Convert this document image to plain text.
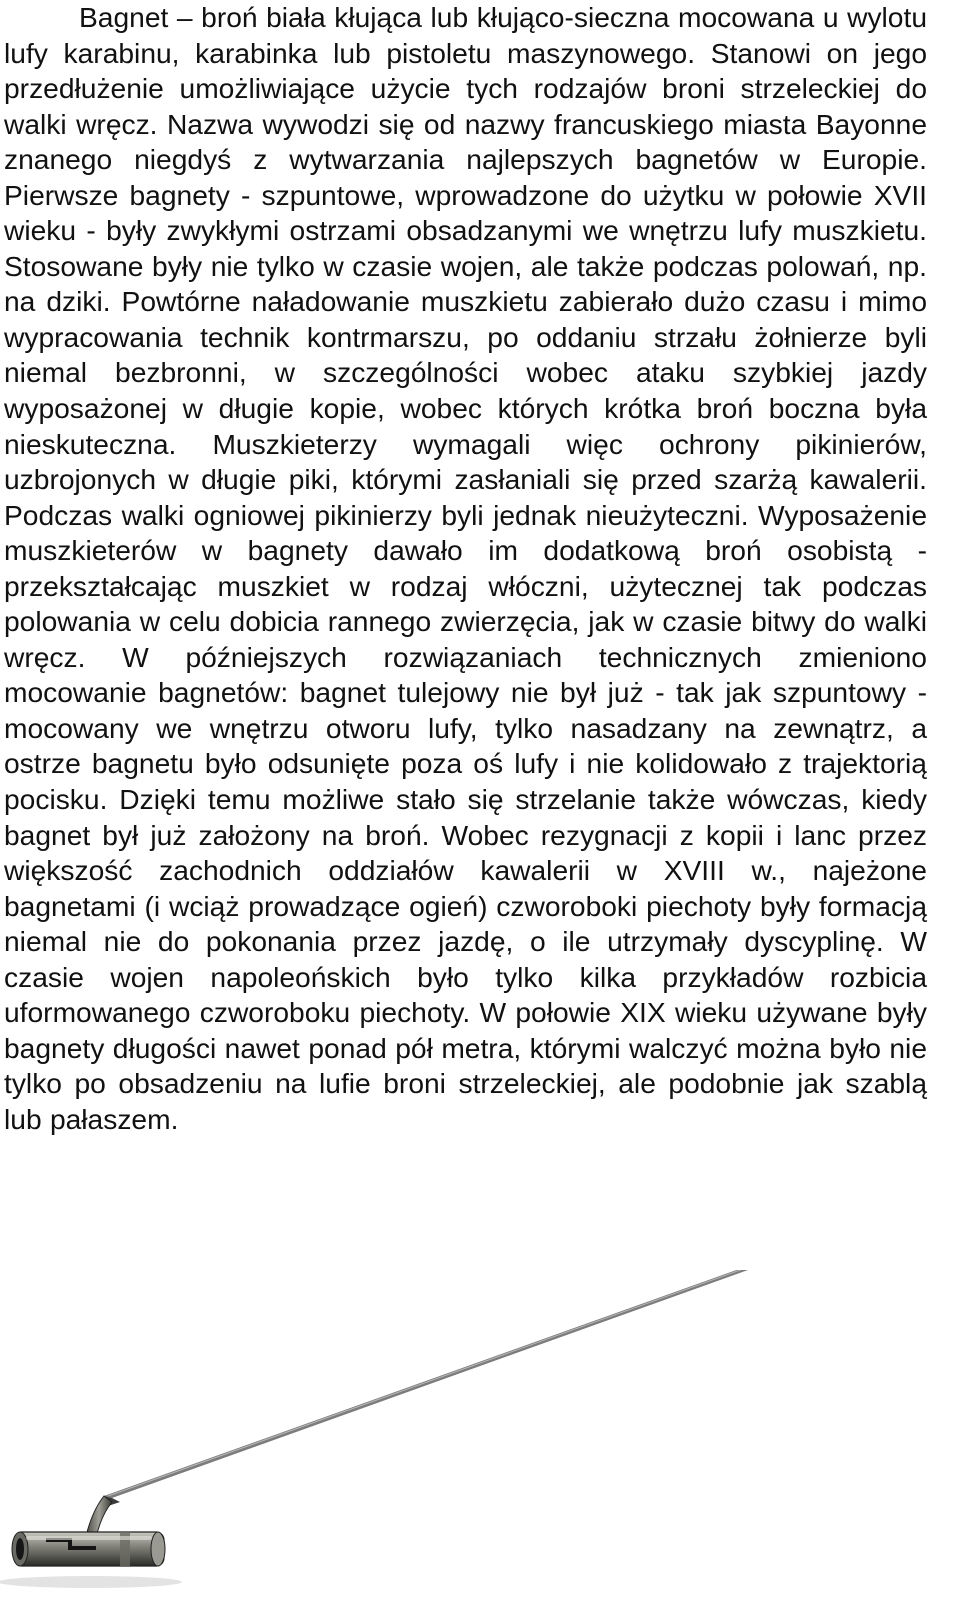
Bagnet – broń biała kłująca lub kłująco-sieczna mocowana u wylotu lufy karabinu, karabinka lub pistoletu maszynowego. Stanowi on jego przedłużenie umożliwiające użycie tych rodzajów broni strzeleckiej do walki wręcz. Nazwa wywodzi się od nazwy francuskiego miasta Bayonne znanego niegdyś z wytwarzania najlepszych bagnetów w Europie. Pierwsze bagnety - szpuntowe, wprowadzone do użytku w połowie XVII wieku - były zwykłymi ostrzami obsadzanymi we wnętrzu lufy muszkietu. Stosowane były nie tylko w czasie wojen, ale także podczas polowań, np. na dziki. Powtórne naładowanie muszkietu zabierało dużo czasu i mimo wypracowania technik kontrmarszu, po oddaniu strzału żołnierze byli niemal bezbronni, w szczególności wobec ataku szybkiej jazdy wyposażonej w długie kopie, wobec których krótka broń boczna była nieskuteczna. Muszkieterzy wymagali więc ochrony pikinierów, uzbrojonych w długie piki, którymi zasłaniali się przed szarżą kawalerii. Podczas walki ogniowej pikinierzy byli jednak nieużyteczni. Wyposażenie muszkieterów w bagnety dawało im dodatkową broń osobistą - przekształcając muszkiet w rodzaj włóczni, użytecznej tak podczas polowania w celu dobicia rannego zwierzęcia, jak w czasie bitwy do walki wręcz. W późniejszych rozwiązaniach technicznych zmieniono mocowanie bagnetów: bagnet tulejowy nie był już - tak jak szpuntowy - mocowany we wnętrzu otworu lufy, tylko nasadzany na zewnątrz, a ostrze bagnetu było odsunięte poza oś lufy i nie kolidowało z trajektorią pocisku. Dzięki temu możliwe stało się strzelanie także wówczas, kiedy bagnet był już założony na broń. Wobec rezygnacji z kopii i lanc przez większość zachodnich oddziałów kawalerii w XVIII w., najeżone bagnetami (i wciąż prowadzące ogień) czworoboki piechoty były formacją niemal nie do pokonania przez jazdę, o ile utrzymały dyscyplinę. W czasie wojen napoleońskich było tylko kilka przykładów rozbicia uformowanego czworoboku piechoty. W połowie XIX wieku używane były bagnety długości nawet ponad pół metra, którymi walczyć można było nie tylko po obsadzeniu na lufie broni strzeleckiej, ale podobnie jak szablą lub pałaszem.
